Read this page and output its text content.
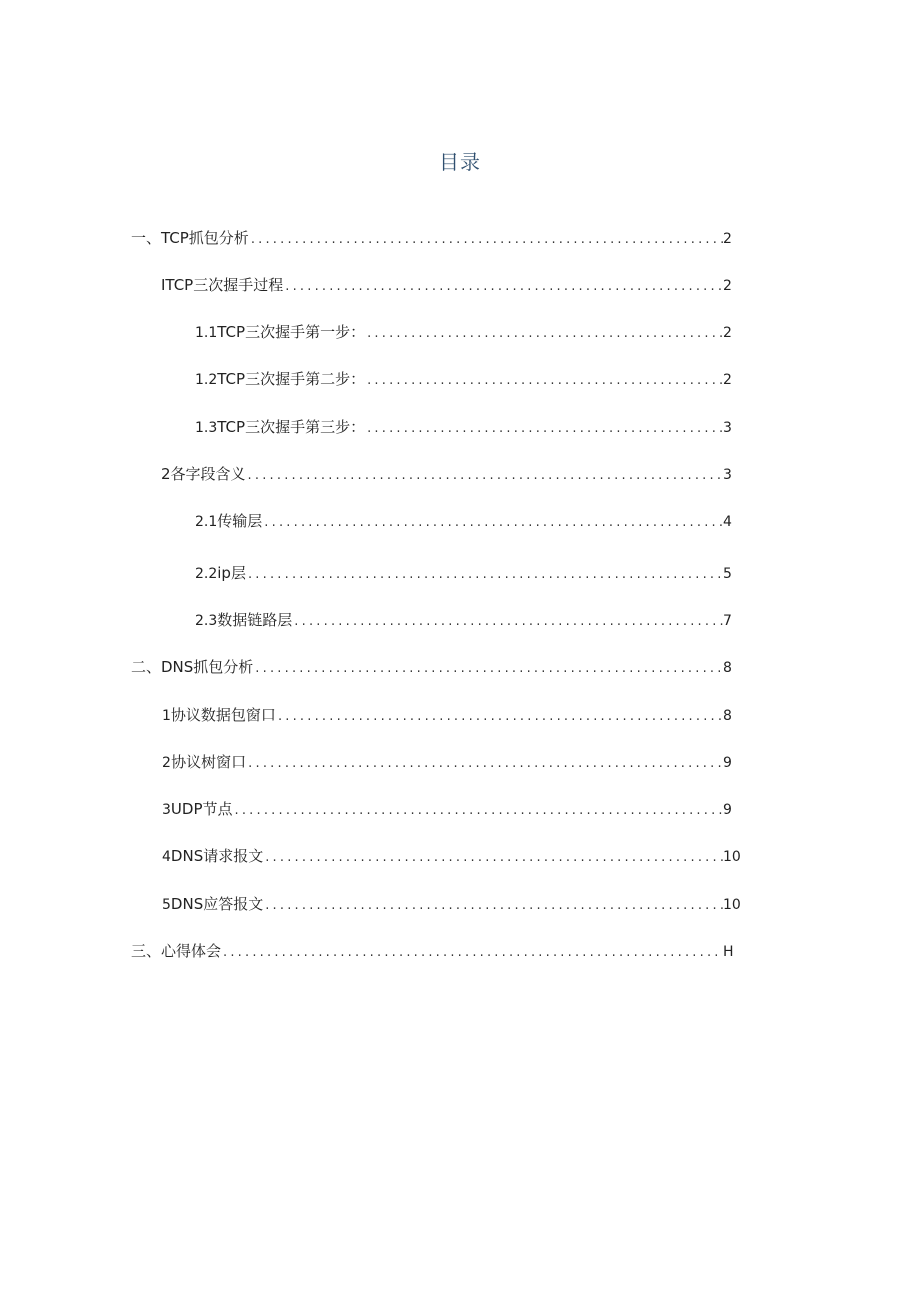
目录
一、TCP抓包分析 .....	2
ITCP三次握手过程 .....	2
1.1 TCP三次握手第一步： .....	2
1.2 TCP三次握手第二步： .....	2
1.3 TCP三次握手第三步： .....	3
2各字段含义 .....	3
2.1 传输层 .....	4
2.2 ip层 .....	5
2.3 数据链路层 .....	7
二、DNS抓包分析 .....	8
1 协议数据包窗口 .....	8
2 协议树窗口 .....	9
3 UDP节点 .....	9
4 DNS请求报文 .....	10
5 DNS应答报文 .....	10
三、心得体会 .....	H
